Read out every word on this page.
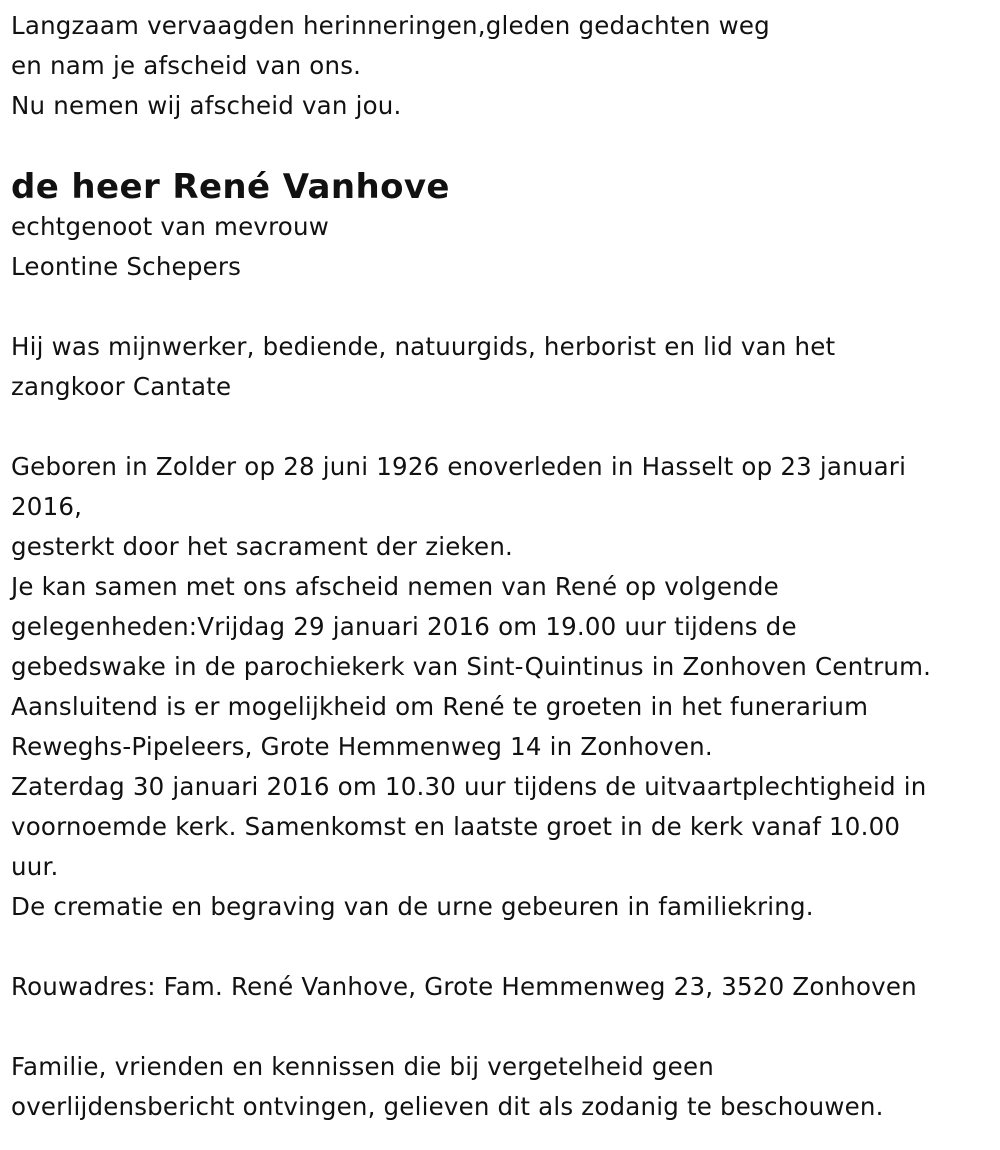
Langzaam vervaagden herinneringen,gleden gedachten weg
en nam je afscheid van ons.
Nu nemen wij afscheid van jou.
de heer René Vanhove
echtgenoot van mevrouw
Leontine Schepers
Hij was mijnwerker, bediende, natuurgids, herborist en lid van het
zangkoor Cantate
Geboren in Zolder op 28 juni 1926 enoverleden in Hasselt op 23 januari
2016,
gesterkt door het sacrament der zieken.
Je kan samen met ons afscheid nemen van René op volgende
gelegenheden:Vrijdag 29 januari 2016 om 19.00 uur tijdens de
gebedswake in de parochiekerk van Sint-Quintinus in Zonhoven Centrum.
Aansluitend is er mogelijkheid om René te groeten in het funerarium
Reweghs-Pipeleers, Grote Hemmenweg 14 in Zonhoven.
Zaterdag 30 januari 2016 om 10.30 uur tijdens de uitvaartplechtigheid in
voornoemde kerk. Samenkomst en laatste groet in de kerk vanaf 10.00
uur.
De crematie en begraving van de urne gebeuren in familiekring.
Rouwadres: Fam. René Vanhove, Grote Hemmenweg 23, 3520 Zonhoven
Familie, vrienden en kennissen die bij vergetelheid geen
overlijdensbericht ontvingen, gelieven dit als zodanig te beschouwen.
